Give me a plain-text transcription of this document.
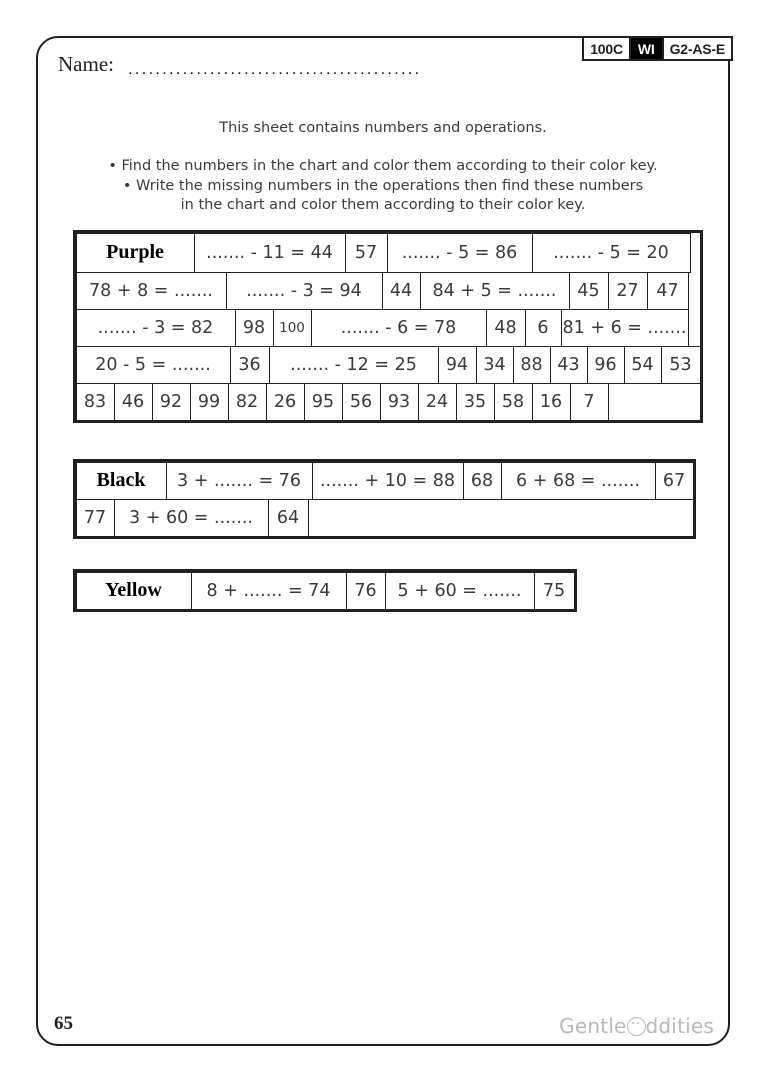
100C	WI	G2-AS-E
Name: ...........................................
This sheet contains numbers and operations.
• Find the numbers in the chart and color them according to their color key.
• Write the missing numbers in the operations then find these numbers
in the chart and color them according to their color key.
Purple	....... - 11 = 44	57	....... - 5 = 86	....... - 5 = 20
78 + 8 = .......	....... - 3 = 94	44	84 + 5 = .......	45 27	47
....... - 3 = 82	98	100	....... - 6 = 78	48	6 81 + 6 = .......
20 - 5 = .......	36	....... - 12 = 25	94 34 88 43 96 54 53
83 46 92 99 82 26 95 56 93 24 35 58 16	7
Black	3 + ....... = 76	....... + 10 = 88 68	6 + 68 = .......	67
77	3 + 60 = .......	64
Yellow	8 + ....... = 74	76	5 + 60 = .......	75
65	Gentle ddities
